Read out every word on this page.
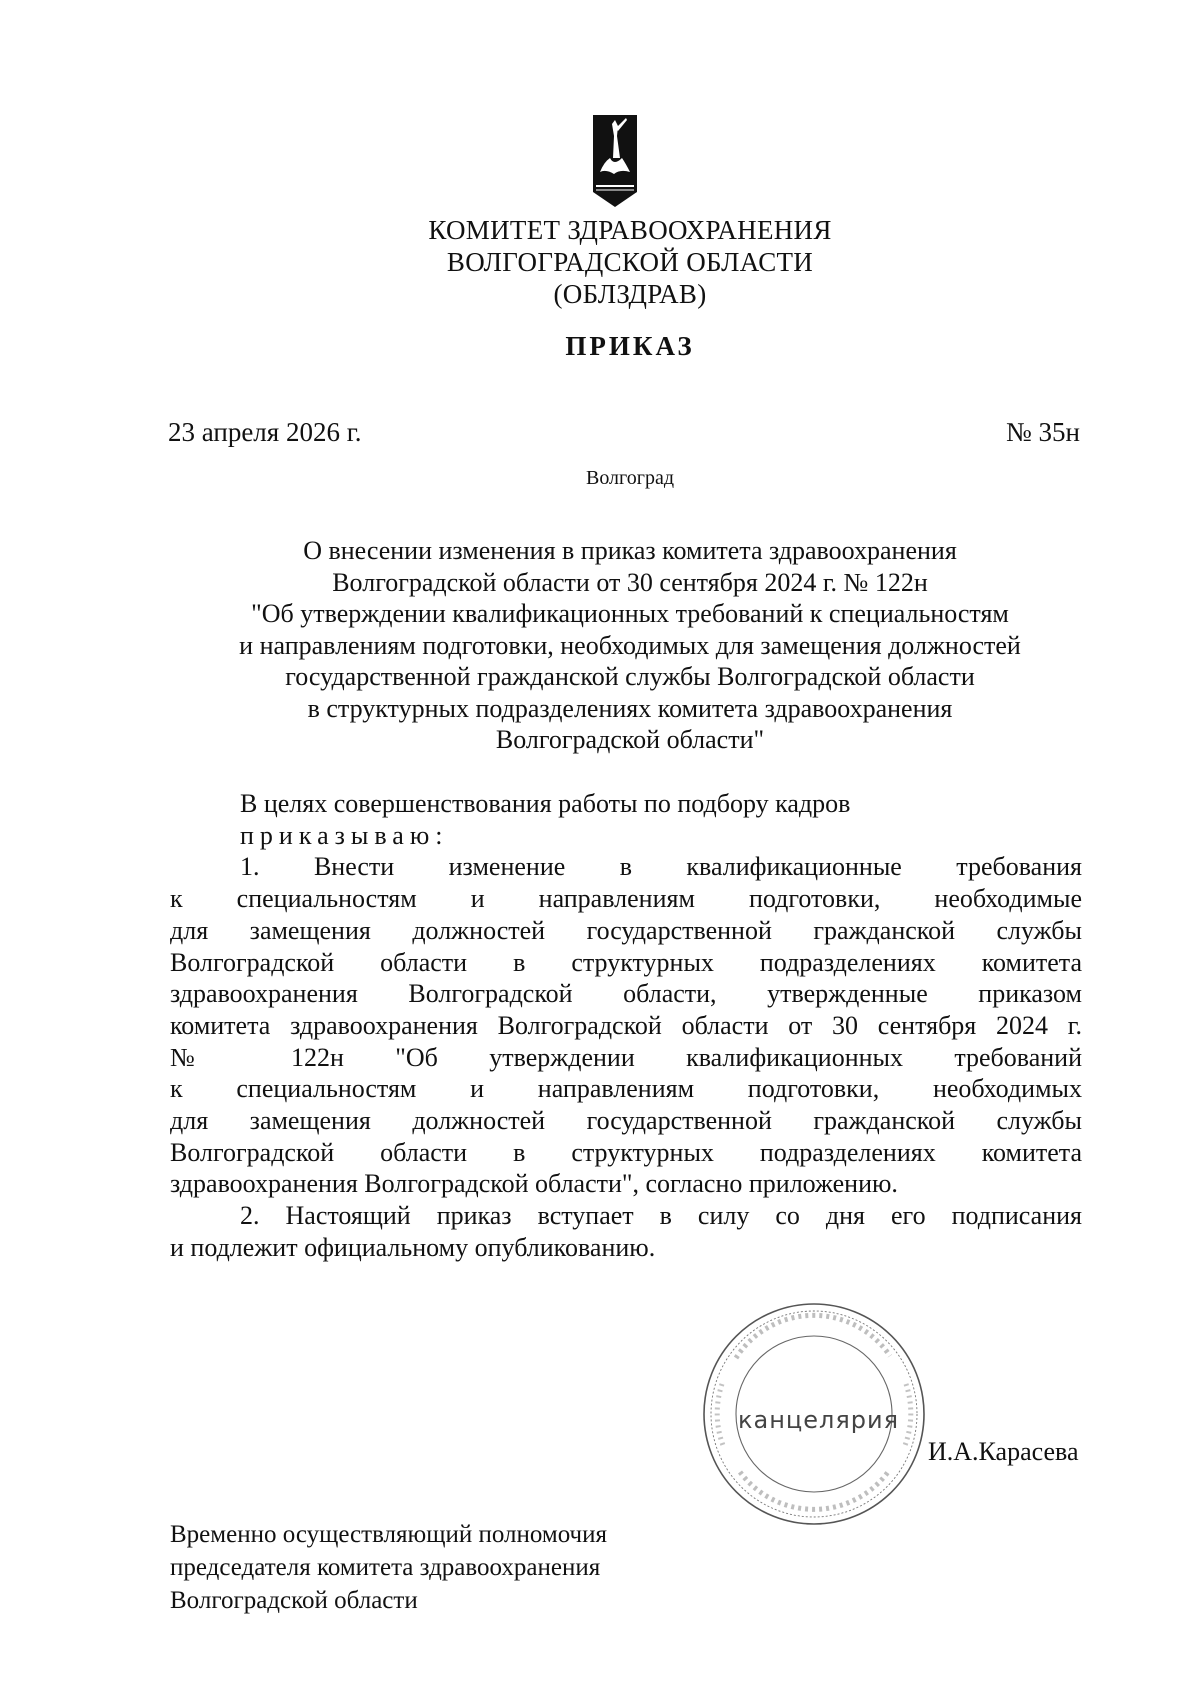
КОМИТЕТ ЗДРАВООХРАНЕНИЯ
ВОЛГОГРАДСКОЙ ОБЛАСТИ
(ОБЛЗДРАВ)
ПРИКАЗ
23 апреля 2026 г.	№ 35н
Волгоград
О внесении изменения в приказ комитета здравоохранения
Волгоградской области от 30 сентября 2024 г. № 122н
"Об утверждении квалификационных требований к специальностям
и направлениям подготовки, необходимых для замещения должностей
государственной гражданской службы Волгоградской области
в структурных подразделениях комитета здравоохранения
Волгоградской области"

В целях совершенствования работы по подбору кадров

приказываю:

1. Внести изменение в квалификационные требования

к специальностям и направлениям подготовки, необходимые

для замещения должностей государственной гражданской службы

Волгоградской области в структурных подразделениях комитета

здравоохранения Волгоградской области, утвержденные приказом

комитета здравоохранения Волгоградской области от 30 сентября 2024 г.

№ 122н "Об утверждении квалификационных требований

к специальностям и направлениям подготовки, необходимых

для замещения должностей государственной гражданской службы

Волгоградской области в структурных подразделениях комитета

здравоохранения Волгоградской области", согласно приложению.

2. Настоящий приказ вступает в силу со дня его подписания

и подлежит официальному опубликованию.

канцелярия
Временно осуществляющий полномочия
председателя комитета здравоохранения
Волгоградской области
И.А.Карасева
